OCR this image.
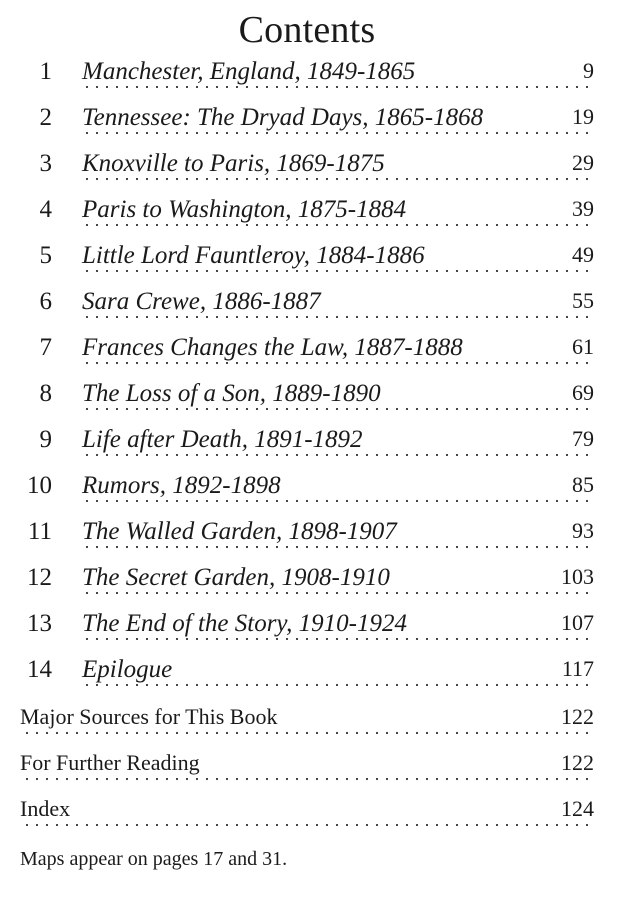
Contents
1 Manchester, England, 1849-1865	9
2 Tennessee: The Dryad Days, 1865-1868	19
3 Knoxville to Paris, 1869-1875	29
4 Paris to Washington, 1875-1884	39
5 Little Lord Fauntleroy, 1884-1886	49
6 Sara Crewe, 1886-1887	55
7 Frances Changes the Law, 1887-1888	61
8 The Loss of a Son, 1889-1890	69
9 Life after Death, 1891-1892	79
10 Rumors, 1892-1898	85
11 The Walled Garden, 1898-1907	93
12 The Secret Garden, 1908-1910	103
13 The End of the Story, 1910-1924	107
14 Epilogue	117
Major Sources for This Book	122
For Further Reading	122
Index	124
Maps appear on pages 17 and 31.
